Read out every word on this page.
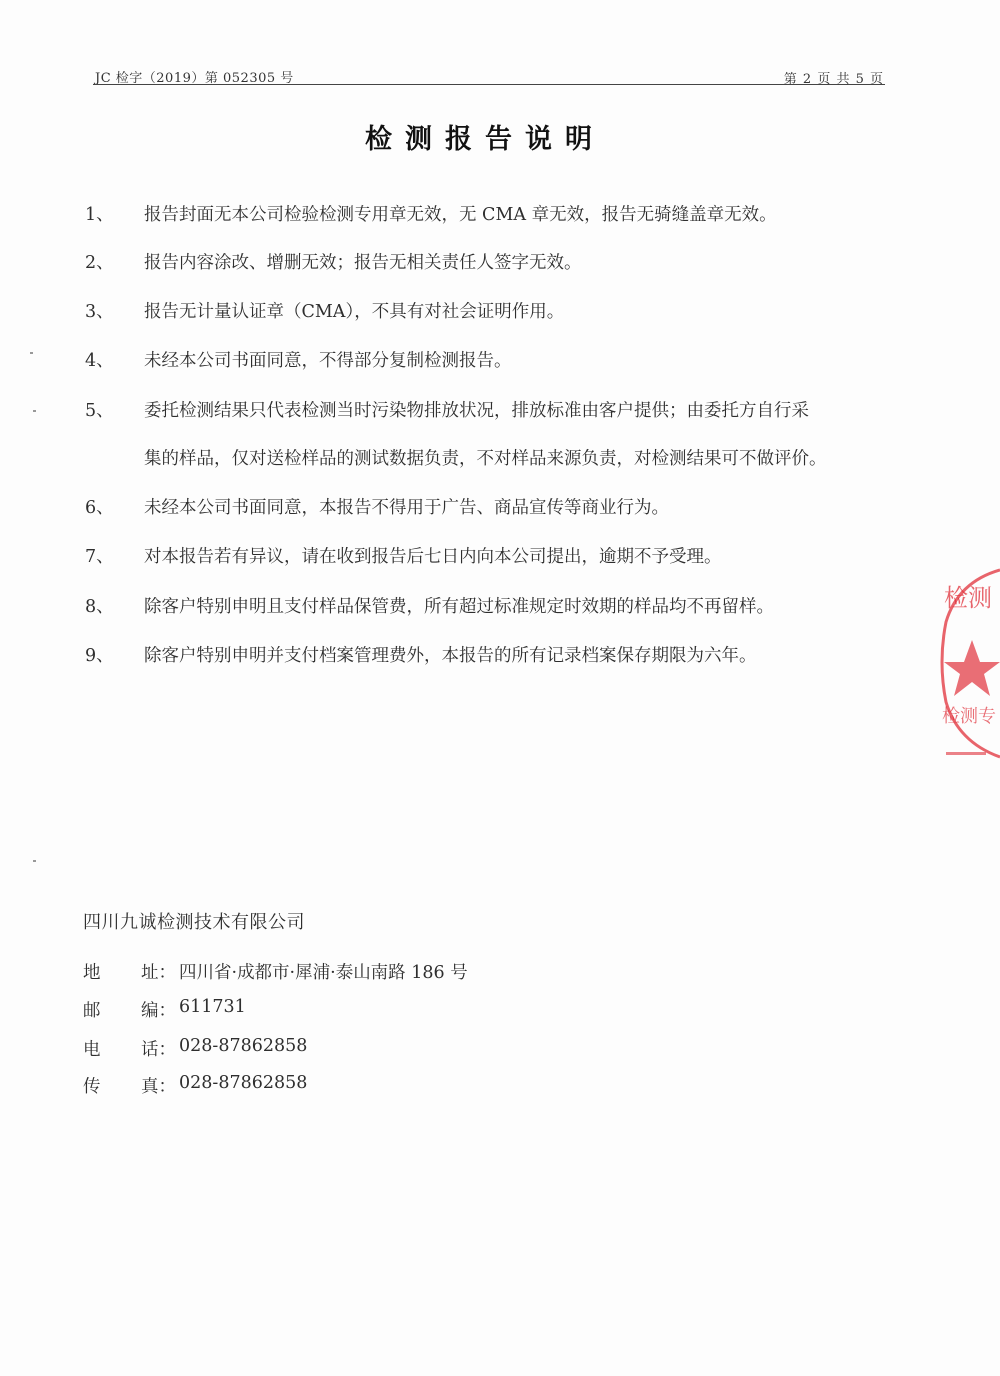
JC 检字（2019）第 052305 号	第 2 页 共 5 页
检测报告说明
1、	报告封面无本公司检验检测专用章无效，无 CMA 章无效，报告无骑缝盖章无效。
2、	报告内容涂改、增删无效；报告无相关责任人签字无效。
3、	报告无计量认证章（CMA），不具有对社会证明作用。
4、	未经本公司书面同意，不得部分复制检测报告。
5、	委托检测结果只代表检测当时污染物排放状况，排放标准由客户提供；由委托方自行采
集的样品，仅对送检样品的测试数据负责，不对样品来源负责，对检测结果可不做评价。
6、	未经本公司书面同意，本报告不得用于广告、商品宣传等商业行为。
7、	对本报告若有异议，请在收到报告后七日内向本公司提出，逾期不予受理。
8、	除客户特别申明且支付样品保管费，所有超过标准规定时效期的样品均不再留样。
9、	除客户特别申明并支付档案管理费外，本报告的所有记录档案保存期限为六年。
四川九诚检测技术有限公司
地 址： 四川省·成都市·犀浦·泰山南路 186 号
邮 编： 611731
电 话： 028-87862858
传 真： 028-87862858
检测
检测专
